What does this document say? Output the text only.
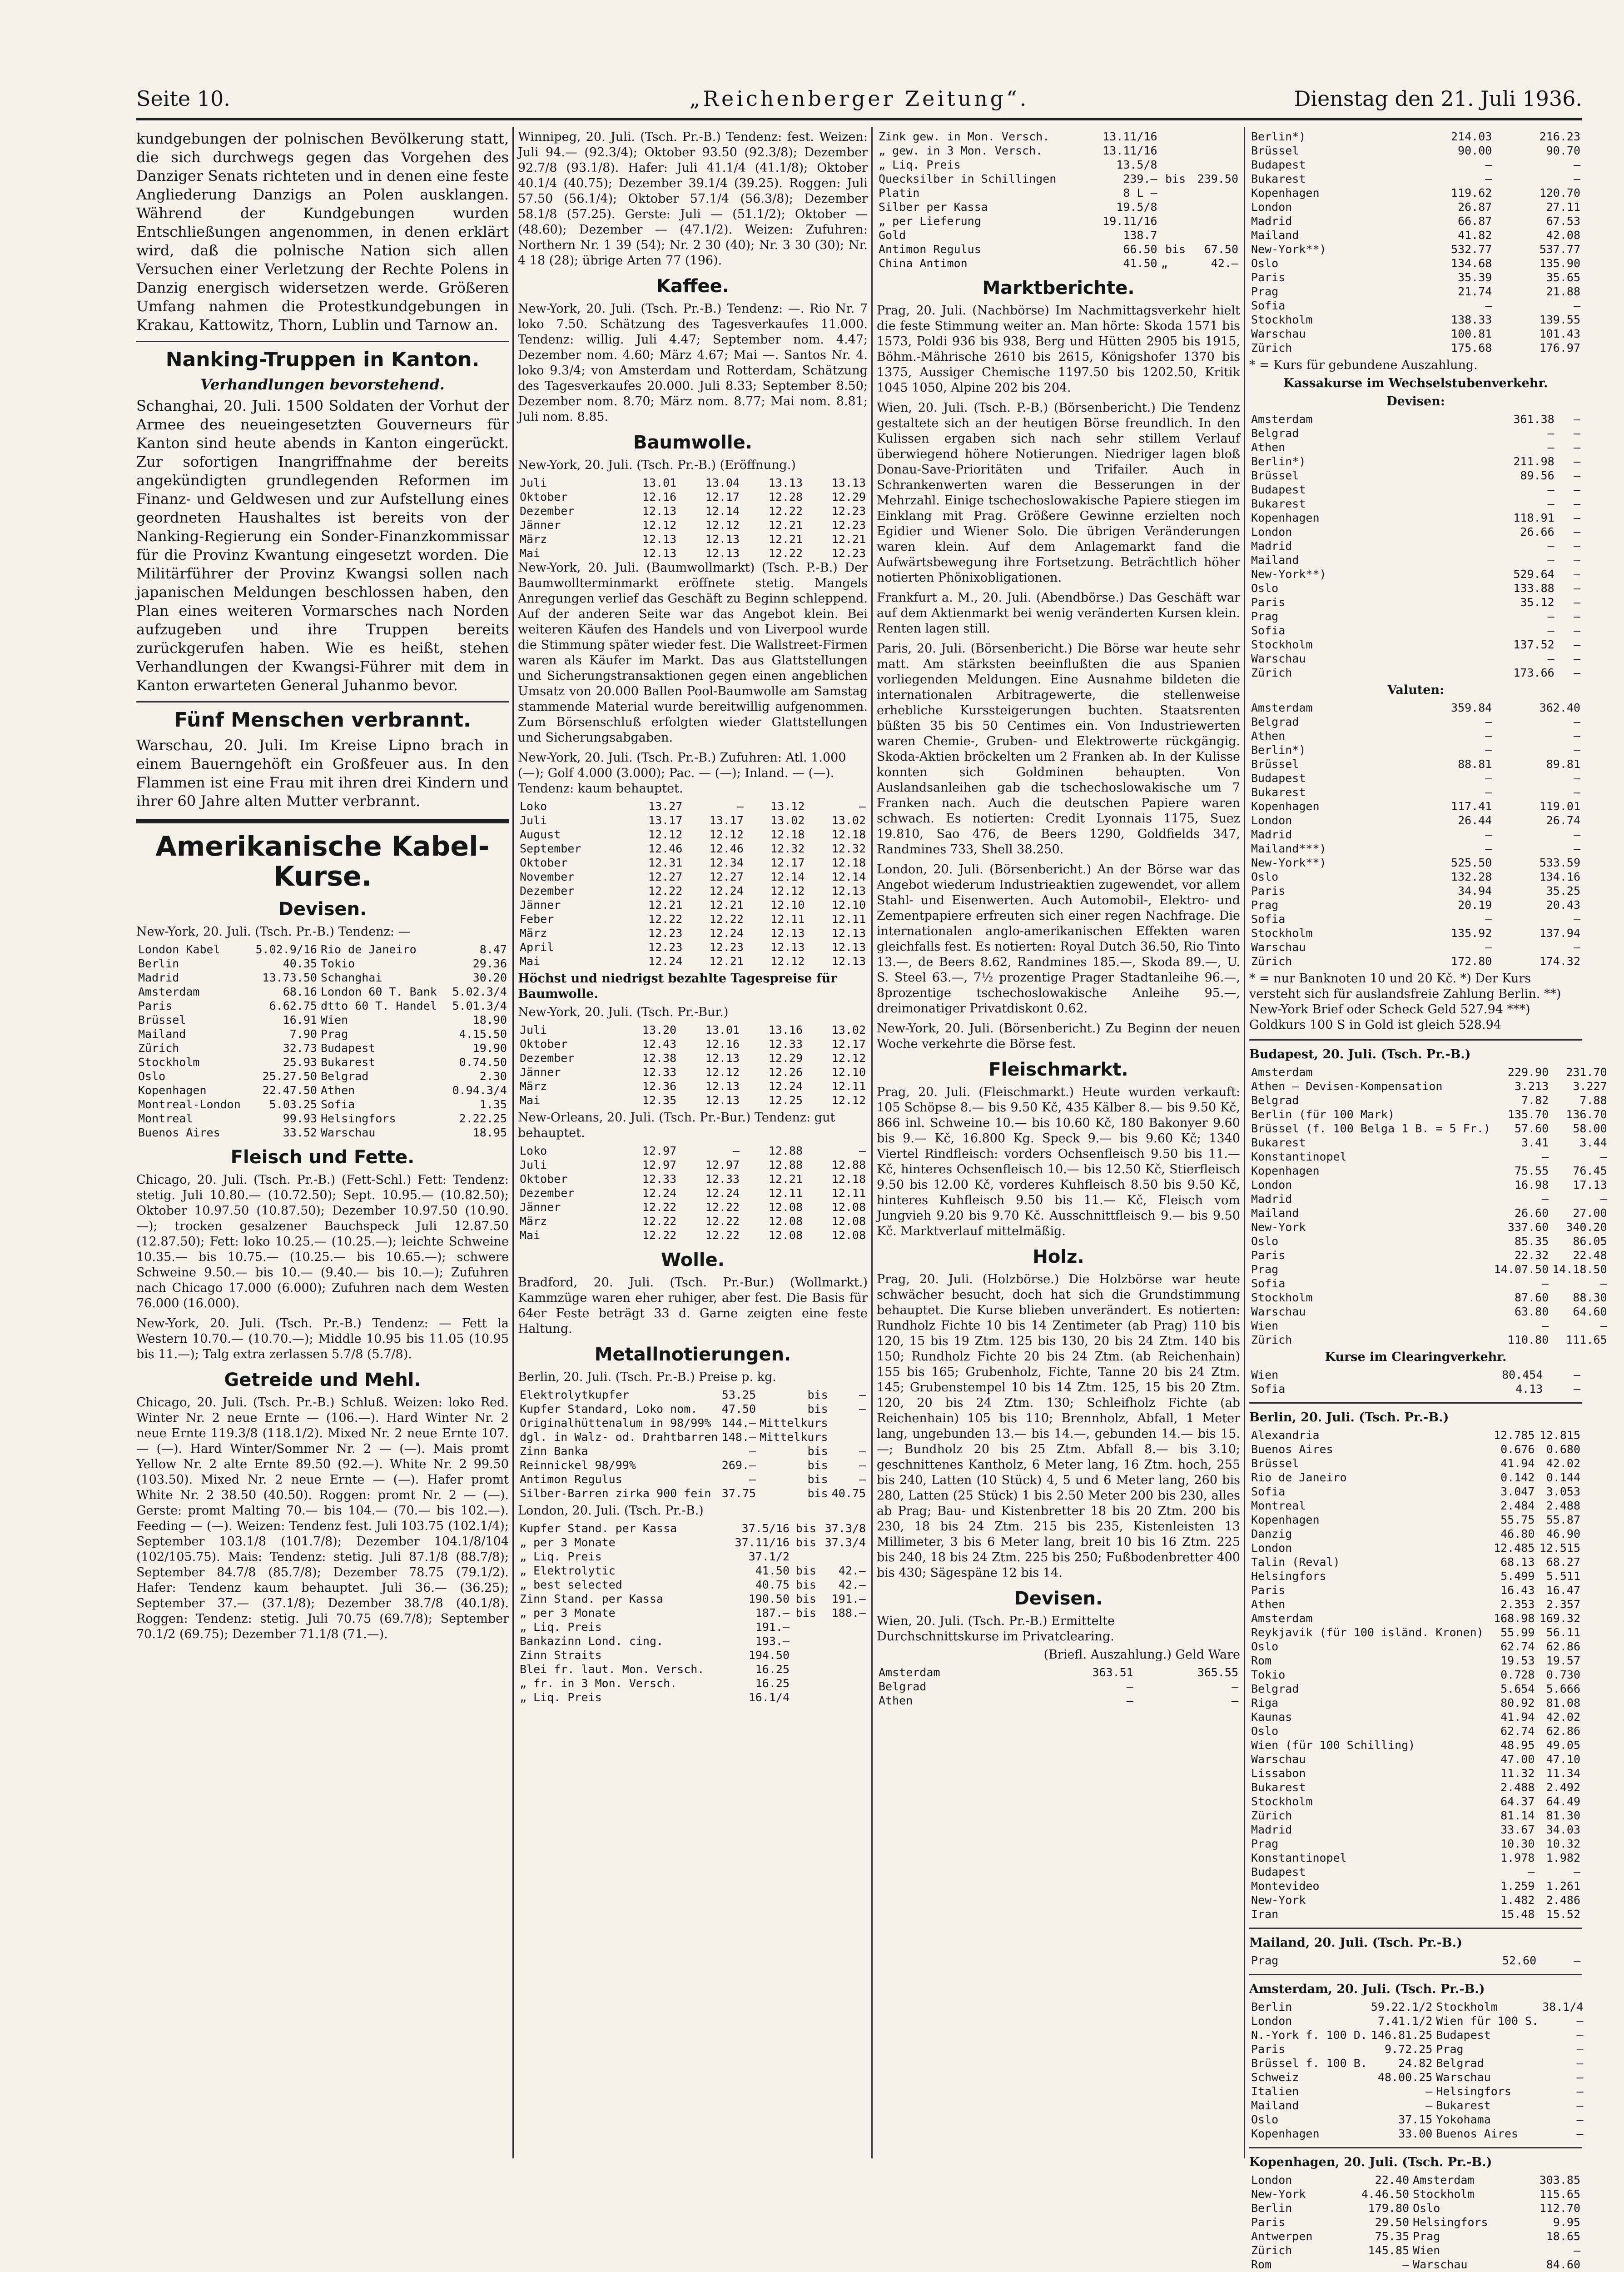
Seite 10.	„Reichenberger Zeitung“.	Dienstag den 21. Juli 1936.

kundgebungen der polnischen Bevölkerung statt, die sich durchwegs gegen das Vorgehen des Danziger Senats richteten und in denen eine feste Angliederung Danzigs an Polen ausklangen. Während der Kundgebungen wurden Entschließungen angenommen, in denen erklärt wird, daß die polnische Nation sich allen Versuchen einer Verletzung der Rechte Polens in Danzig energisch widersetzen werde. Größeren Umfang nahmen die Protestkundgebungen in Krakau, Kattowitz, Thorn, Lublin und Tarnow an.

Nanking-Truppen in Kanton.
Verhandlungen bevorstehend.

Schanghai, 20. Juli. 1500 Soldaten der Vorhut der Armee des neueingesetzten Gouverneurs für Kanton sind heute abends in Kanton eingerückt. Zur sofortigen Inangriffnahme der bereits angekündigten grundlegenden Reformen im Finanz- und Geldwesen und zur Aufstellung eines geordneten Haushaltes ist bereits von der Nanking-Regierung ein Sonder-Finanzkommissar für die Provinz Kwantung eingesetzt worden. Die Militärführer der Provinz Kwangsi sollen nach japanischen Meldungen beschlossen haben, den Plan eines weiteren Vormarsches nach Norden aufzugeben und ihre Truppen bereits zurückgerufen haben. Wie es heißt, stehen Verhandlungen der Kwangsi-Führer mit dem in Kanton erwarteten General Juhanmo bevor.

Fünf Menschen verbrannt.

Warschau, 20. Juli. Im Kreise Lipno brach in einem Bauerngehöft ein Großfeuer aus. In den Flammen ist eine Frau mit ihren drei Kindern und ihrer 60 Jahre alten Mutter verbrannt.

Amerikanische Kabel-Kurse.
Devisen.
New-York, 20. Juli. (Tsch. Pr.-B.) Tendenz: —
London Kabel	5.02.9/16	Rio de Janeiro	8.47
Berlin	40.35	Tokio	29.36
Madrid	13.73.50	Schanghai	30.20
Amsterdam	68.16	London 60 T. Bank	5.02.3/4
Paris	6.62.75	dtto 60 T. Handel	5.01.3/4
Brüssel	16.91	Wien	18.90
Mailand	7.90	Prag	4.15.50
Zürich	32.73	Budapest	19.90
Stockholm	25.93	Bukarest	0.74.50
Oslo	25.27.50	Belgrad	2.30
Kopenhagen	22.47.50	Athen	0.94.3/4
Montreal-London	5.03.25	Sofia	1.35
Montreal	99.93	Helsingfors	2.22.25
Buenos Aires	33.52	Warschau	18.95
Fleisch und Fette.

Chicago, 20. Juli. (Tsch. Pr.-B.) (Fett-Schl.) Fett: Tendenz: stetig. Juli 10.80.— (10.72.50); Sept. 10.95.— (10.82.50); Oktober 10.97.50 (10.87.50); Dezember 10.97.50 (10.90.—); trocken gesalzener Bauchspeck Juli 12.87.50 (12.87.50); Fett: loko 10.25.— (10.25.—); leichte Schweine 10.35.— bis 10.75.— (10.25.— bis 10.65.—); schwere Schweine 9.50.— bis 10.— (9.40.— bis 10.—); Zufuhren nach Chicago 17.000 (6.000); Zufuhren nach dem Westen 76.000 (16.000).

New-York, 20. Juli. (Tsch. Pr.-B.) Tendenz: — Fett la Western 10.70.— (10.70.—); Middle 10.95 bis 11.05 (10.95 bis 11.—); Talg extra zerlassen 5.7/8 (5.7/8).

Getreide und Mehl.

Chicago, 20. Juli. (Tsch. Pr.-B.) Schluß. Weizen: loko Red. Winter Nr. 2 neue Ernte — (106.—). Hard Winter Nr. 2 neue Ernte 119.3/8 (118.1/2). Mixed Nr. 2 neue Ernte 107.— (—). Hard Winter/Sommer Nr. 2 — (—). Mais promt Yellow Nr. 2 alte Ernte 89.50 (92.—). White Nr. 2 99.50 (103.50). Mixed Nr. 2 neue Ernte — (—). Hafer promt White Nr. 2 38.50 (40.50). Roggen: promt Nr. 2 — (—). Gerste: promt Malting 70.— bis 104.— (70.— bis 102.—). Feeding — (—). Weizen: Tendenz fest. Juli 103.75 (102.1/4); September 103.1/8 (101.7/8); Dezember 104.1/8/104 (102/105.75). Mais: Tendenz: stetig. Juli 87.1/8 (88.7/8); September 84.7/8 (85.7/8); Dezember 78.75 (79.1/2). Hafer: Tendenz kaum behauptet. Juli 36.— (36.25); September 37.— (37.1/8); Dezember 38.7/8 (40.1/8). Roggen: Tendenz: stetig. Juli 70.75 (69.7/8); September 70.1/2 (69.75); Dezember 71.1/8 (71.—).

Winnipeg, 20. Juli. (Tsch. Pr.-B.) Tendenz: fest. Weizen: Juli 94.— (92.3/4); Oktober 93.50 (92.3/8); Dezember 92.7/8 (93.1/8). Hafer: Juli 41.1/4 (41.1/8); Oktober 40.1/4 (40.75); Dezember 39.1/4 (39.25). Roggen: Juli 57.50 (56.1/4); Oktober 57.1/4 (56.3/8); Dezember 58.1/8 (57.25). Gerste: Juli — (51.1/2); Oktober — (48.60); Dezember — (47.1/2). Weizen: Zufuhren: Northern Nr. 1 39 (54); Nr. 2 30 (40); Nr. 3 30 (30); Nr. 4 18 (28); übrige Arten 77 (196).

Kaffee.

New-York, 20. Juli. (Tsch. Pr.-B.) Tendenz: —. Rio Nr. 7 loko 7.50. Schätzung des Tagesverkaufes 11.000. Tendenz: willig. Juli 4.47; September nom. 4.47; Dezember nom. 4.60; März 4.67; Mai —. Santos Nr. 4. loko 9.3/4; von Amsterdam und Rotterdam, Schätzung des Tagesverkaufes 20.000. Juli 8.33; September 8.50; Dezember nom. 8.70; März nom. 8.77; Mai nom. 8.81; Juli nom. 8.85.

Baumwolle.
New-York, 20. Juli. (Tsch. Pr.-B.) (Eröffnung.)
Juli	13.01	13.04	13.13	13.13
Oktober	12.16	12.17	12.28	12.29
Dezember	12.13	12.14	12.22	12.23
Jänner	12.12	12.12	12.21	12.23
März	12.13	12.13	12.21	12.21
Mai	12.13	12.13	12.22	12.23

New-York, 20. Juli. (Baumwollmarkt) (Tsch. P.-B.) Der Baumwollterminmarkt eröffnete stetig. Mangels Anregungen verlief das Geschäft zu Beginn schleppend. Auf der anderen Seite war das Angebot klein. Bei weiteren Käufen des Handels und von Liverpool wurde die Stimmung später wieder fest. Die Wallstreet-Firmen waren als Käufer im Markt. Das aus Glattstellungen und Sicherungstransaktionen gegen einen angeblichen Umsatz von 20.000 Ballen Pool-Baumwolle am Samstag stammende Material wurde bereitwillig aufgenommen. Zum Börsenschluß erfolgten wieder Glattstellungen und Sicherungsabgaben.

New-York, 20. Juli. (Tsch. Pr.-B.) Zufuhren: Atl. 1.000 (—); Golf 4.000 (3.000); Pac. — (—); Inland. — (—). Tendenz: kaum behauptet.
Loko	13.27	—	13.12	—
Juli	13.17	13.17	13.02	13.02
August	12.12	12.12	12.18	12.18
September	12.46	12.46	12.32	12.32
Oktober	12.31	12.34	12.17	12.18
November	12.27	12.27	12.14	12.14
Dezember	12.22	12.24	12.12	12.13
Jänner	12.21	12.21	12.10	12.10
Feber	12.22	12.22	12.11	12.11
März	12.23	12.24	12.13	12.13
April	12.23	12.23	12.13	12.13
Mai	12.24	12.21	12.12	12.13
Höchst und niedrigst bezahlte Tagespreise für Baumwolle.
New-York, 20. Juli. (Tsch. Pr.-Bur.)
Juli	13.20	13.01	13.16	13.02
Oktober	12.43	12.16	12.33	12.17
Dezember	12.38	12.13	12.29	12.12
Jänner	12.33	12.12	12.26	12.10
März	12.36	12.13	12.24	12.11
Mai	12.35	12.13	12.25	12.12
New-Orleans, 20. Juli. (Tsch. Pr.-Bur.) Tendenz: gut behauptet.
Loko	12.97	—	12.88	—
Juli	12.97	12.97	12.88	12.88
Oktober	12.33	12.33	12.21	12.18
Dezember	12.24	12.24	12.11	12.11
Jänner	12.22	12.22	12.08	12.08
März	12.22	12.22	12.08	12.08
Mai	12.22	12.22	12.08	12.08
Wolle.

Bradford, 20. Juli. (Tsch. Pr.-Bur.) (Wollmarkt.) Kammzüge waren eher ruhiger, aber fest. Die Basis für 64er Feste beträgt 33 d. Garne zeigten eine feste Haltung.

Metallnotierungen.
Berlin, 20. Juli. (Tsch. Pr.-B.) Preise p. kg.
Elektrolytkupfer	53.25	bis	—
Kupfer Standard, Loko nom.	47.50	bis	—
Originalhüttenalum in 98/99%	144.—	Mittelkurs	
dgl. in Walz- od. Drahtbarren	148.—	Mittelkurs	
Zinn Banka	—	bis	—
Reinnickel 98/99%	269.—	bis	—
Antimon Regulus	—	bis	—
Silber-Barren zirka 900 fein	37.75	bis	40.75
London, 20. Juli. (Tsch. Pr.-B.)
Kupfer Stand. per Kassa	37.5/16	bis	37.3/8
„ per 3 Monate	37.11/16	bis	37.3/4
„ Liq. Preis	37.1/2		
„ Elektrolytic	41.50	bis	42.—
„ best selected	40.75	bis	42.—
Zinn Stand. per Kassa	190.50	bis	191.—
„ per 3 Monate	187.—	bis	188.—
„ Liq. Preis	191.—		
Bankazinn Lond. cing.	193.—		
Zinn Straits	194.50		
Blei fr. laut. Mon. Versch.	16.25		
„ fr. in 3 Mon. Versch.	16.25		
„ Liq. Preis	16.1/4		
Zink gew. in Mon. Versch.	13.11/16		
„ gew. in 3 Mon. Versch.	13.11/16		
„ Liq. Preis	13.5/8		
Quecksilber in Schillingen	239.—	bis	239.50
Platin	8 L —		
Silber per Kassa	19.5/8		
„ per Lieferung	19.11/16		
Gold	138.7		
Antimon Regulus	66.50	bis	67.50
China Antimon	41.50	„	42.—
Marktberichte.

Prag, 20. Juli. (Nachbörse) Im Nachmittagsverkehr hielt die feste Stimmung weiter an. Man hörte: Skoda 1571 bis 1573, Poldi 936 bis 938, Berg und Hütten 2905 bis 1915, Böhm.-Mährische 2610 bis 2615, Königshofer 1370 bis 1375, Aussiger Chemische 1197.50 bis 1202.50, Kritik 1045 1050, Alpine 202 bis 204.

Wien, 20. Juli. (Tsch. P.-B.) (Börsenbericht.) Die Tendenz gestaltete sich an der heutigen Börse freundlich. In den Kulissen ergaben sich nach sehr stillem Verlauf überwiegend höhere Notierungen. Niedriger lagen bloß Donau-Save-Prioritäten und Trifailer. Auch in Schrankenwerten waren die Besserungen in der Mehrzahl. Einige tschechoslowakische Papiere stiegen im Einklang mit Prag. Größere Gewinne erzielten noch Egidier und Wiener Solo. Die übrigen Veränderungen waren klein. Auf dem Anlagemarkt fand die Aufwärtsbewegung ihre Fortsetzung. Beträchtlich höher notierten Phönixobligationen.

Frankfurt a. M., 20. Juli. (Abendbörse.) Das Geschäft war auf dem Aktienmarkt bei wenig veränderten Kursen klein. Renten lagen still.

Paris, 20. Juli. (Börsenbericht.) Die Börse war heute sehr matt. Am stärksten beeinflußten die aus Spanien vorliegenden Meldungen. Eine Ausnahme bildeten die internationalen Arbitragewerte, die stellenweise erhebliche Kurssteigerungen buchten. Staatsrenten büßten 35 bis 50 Centimes ein. Von Industriewerten waren Chemie-, Gruben- und Elektrowerte rückgängig. Skoda-Aktien bröckelten um 2 Franken ab. In der Kulisse konnten sich Goldminen behaupten. Von Auslandsanleihen gab die tschechoslowakische um 7 Franken nach. Auch die deutschen Papiere waren schwach. Es notierten: Credit Lyonnais 1175, Suez 19.810, Sao 476, de Beers 1290, Goldfields 347, Randmines 733, Shell 38.250.

London, 20. Juli. (Börsenbericht.) An der Börse war das Angebot wiederum Industrieaktien zugewendet, vor allem Stahl- und Eisenwerten. Auch Automobil-, Elektro- und Zementpapiere erfreuten sich einer regen Nachfrage. Die internationalen anglo-amerikanischen Effekten waren gleichfalls fest. Es notierten: Royal Dutch 36.50, Rio Tinto 13.—, de Beers 8.62, Randmines 185.—, Skoda 89.—, U. S. Steel 63.—, 7½ prozentige Prager Stadtanleihe 96.—, 8prozentige tschechoslowakische Anleihe 95.—, dreimonatiger Privatdiskont 0.62.

New-York, 20. Juli. (Börsenbericht.) Zu Beginn der neuen Woche verkehrte die Börse fest.

Fleischmarkt.

Prag, 20. Juli. (Fleischmarkt.) Heute wurden verkauft: 105 Schöpse 8.— bis 9.50 Kč, 435 Kälber 8.— bis 9.50 Kč, 866 inl. Schweine 10.— bis 10.60 Kč, 180 Bakonyer 9.60 bis 9.— Kč, 16.800 Kg. Speck 9.— bis 9.60 Kč; 1340 Viertel Rindfleisch: vorders Ochsenfleisch 9.50 bis 11.— Kč, hinteres Ochsenfleisch 10.— bis 12.50 Kč, Stierfleisch 9.50 bis 12.00 Kč, vorderes Kuhfleisch 8.50 bis 9.50 Kč, hinteres Kuhfleisch 9.50 bis 11.— Kč, Fleisch vom Jungvieh 9.20 bis 9.70 Kč. Ausschnittfleisch 9.— bis 9.50 Kč. Marktverlauf mittelmäßig.

Holz.

Prag, 20. Juli. (Holzbörse.) Die Holzbörse war heute schwächer besucht, doch hat sich die Grundstimmung behauptet. Die Kurse blieben unverändert. Es notierten: Rundholz Fichte 10 bis 14 Zentimeter (ab Prag) 110 bis 120, 15 bis 19 Ztm. 125 bis 130, 20 bis 24 Ztm. 140 bis 150; Rundholz Fichte 20 bis 24 Ztm. (ab Reichenhain) 155 bis 165; Grubenholz, Fichte, Tanne 20 bis 24 Ztm. 145; Grubenstempel 10 bis 14 Ztm. 125, 15 bis 20 Ztm. 120, 20 bis 24 Ztm. 130; Schleifholz Fichte (ab Reichenhain) 105 bis 110; Brennholz, Abfall, 1 Meter lang, ungebunden 13.— bis 14.—, gebunden 14.— bis 15.—; Bundholz 20 bis 25 Ztm. Abfall 8.— bis 3.10; geschnittenes Kantholz, 6 Meter lang, 16 Ztm. hoch, 255 bis 240, Latten (10 Stück) 4, 5 und 6 Meter lang, 260 bis 280, Latten (25 Stück) 1 bis 2.50 Meter 200 bis 230, alles ab Prag; Bau- und Kistenbretter 18 bis 20 Ztm. 200 bis 230, 18 bis 24 Ztm. 215 bis 235, Kistenleisten 13 Millimeter, 3 bis 6 Meter lang, breit 10 bis 16 Ztm. 225 bis 240, 18 bis 24 Ztm. 225 bis 250; Fußbodenbretter 400 bis 430; Sägespäne 12 bis 14.

Devisen.
Wien, 20. Juli. (Tsch. Pr.-B.) Ermittelte Durchschnittskurse im Privatclearing.
(Briefl. Auszahlung.) Geld Ware
Amsterdam	363.51	365.55
Belgrad	—	—
Athen	—	—
Berlin*)	214.03	216.23
Brüssel	90.00	90.70
Budapest	—	—
Bukarest	—	—
Kopenhagen	119.62	120.70
London	26.87	27.11
Madrid	66.87	67.53
Mailand	41.82	42.08
New-York**)	532.77	537.77
Oslo	134.68	135.90
Paris	35.39	35.65
Prag	21.74	21.88
Sofia	—	—
Stockholm	138.33	139.55
Warschau	100.81	101.43
Zürich	175.68	176.97
* = Kurs für gebundene Auszahlung.
Kassakurse im Wechselstubenverkehr.
Devisen:
Amsterdam	361.38	—
Belgrad	—	—
Athen	—	—
Berlin*)	211.98	—
Brüssel	89.56	—
Budapest	—	—
Bukarest	—	—
Kopenhagen	118.91	—
London	26.66	—
Madrid	—	—
Mailand	—	—
New-York**)	529.64	—
Oslo	133.88	—
Paris	35.12	—
Prag	—	—
Sofia	—	—
Stockholm	137.52	—
Warschau	—	—
Zürich	173.66	—
Valuten:
Amsterdam	359.84	362.40
Belgrad	—	—
Athen	—	—
Berlin*)	—	—
Brüssel	88.81	89.81
Budapest	—	—
Bukarest	—	—
Kopenhagen	117.41	119.01
London	26.44	26.74
Madrid	—	—
Mailand***)	—	—
New-York**)	525.50	533.59
Oslo	132.28	134.16
Paris	34.94	35.25
Prag	20.19	20.43
Sofia	—	—
Stockholm	135.92	137.94
Warschau	—	—
Zürich	172.80	174.32
* = nur Banknoten 10 und 20 Kč. *) Der Kurs versteht sich für auslandsfreie Zahlung Berlin. **) New-York Brief oder Scheck Geld 527.94 ***) Goldkurs 100 S in Gold ist gleich 528.94
Budapest, 20. Juli. (Tsch. Pr.-B.)
Amsterdam	229.90	231.70
Athen — Devisen-Kompensation	3.213	3.227
Belgrad	7.82	7.88
Berlin (für 100 Mark)	135.70	136.70
Brüssel (f. 100 Belga 1 B. = 5 Fr.)	57.60	58.00
Bukarest	3.41	3.44
Konstantinopel	—	—
Kopenhagen	75.55	76.45
London	16.98	17.13
Madrid	—	—
Mailand	26.60	27.00
New-York	337.60	340.20
Oslo	85.35	86.05
Paris	22.32	22.48
Prag	14.07.50	14.18.50
Sofia	—	—
Stockholm	87.60	88.30
Warschau	63.80	64.60
Wien	—	—
Zürich	110.80	111.65
Kurse im Clearingverkehr.
Wien	80.454	—
Sofia	4.13	—
Berlin, 20. Juli. (Tsch. Pr.-B.)
Alexandria	12.785	12.815
Buenos Aires	0.676	0.680
Brüssel	41.94	42.02
Rio de Janeiro	0.142	0.144
Sofia	3.047	3.053
Montreal	2.484	2.488
Kopenhagen	55.75	55.87
Danzig	46.80	46.90
London	12.485	12.515
Talin (Reval)	68.13	68.27
Helsingfors	5.499	5.511
Paris	16.43	16.47
Athen	2.353	2.357
Amsterdam	168.98	169.32
Reykjavik (für 100 isländ. Kronen)	55.99	56.11
Oslo	62.74	62.86
Rom	19.53	19.57
Tokio	0.728	0.730
Belgrad	5.654	5.666
Riga	80.92	81.08
Kaunas	41.94	42.02
Oslo	62.74	62.86
Wien (für 100 Schilling)	48.95	49.05
Warschau	47.00	47.10
Lissabon	11.32	11.34
Bukarest	2.488	2.492
Stockholm	64.37	64.49
Zürich	81.14	81.30
Madrid	33.67	34.03
Prag	10.30	10.32
Konstantinopel	1.978	1.982
Budapest	—	—
Montevideo	1.259	1.261
New-York	1.482	2.486
Iran	15.48	15.52
Mailand, 20. Juli. (Tsch. Pr.-B.)
Prag	52.60	—
Amsterdam, 20. Juli. (Tsch. Pr.-B.)
Berlin	59.22.1/2	Stockholm	38.1/4
London	7.41.1/2	Wien für 100 S.	—
N.-York f. 100 D.	146.81.25	Budapest	—
Paris	9.72.25	Prag	—
Brüssel f. 100 B.	24.82	Belgrad	—
Schweiz	48.00.25	Warschau	—
Italien	—	Helsingfors	—
Mailand	—	Bukarest	—
Oslo	37.15	Yokohama	—
Kopenhagen	33.00	Buenos Aires	—
Kopenhagen, 20. Juli. (Tsch. Pr.-B.)
London	22.40	Amsterdam	303.85
New-York	4.46.50	Stockholm	115.65
Berlin	179.80	Oslo	112.70
Paris	29.50	Helsingfors	9.95
Antwerpen	75.35	Prag	18.65
Zürich	145.85	Wien	—
Rom	—	Warschau	84.60
